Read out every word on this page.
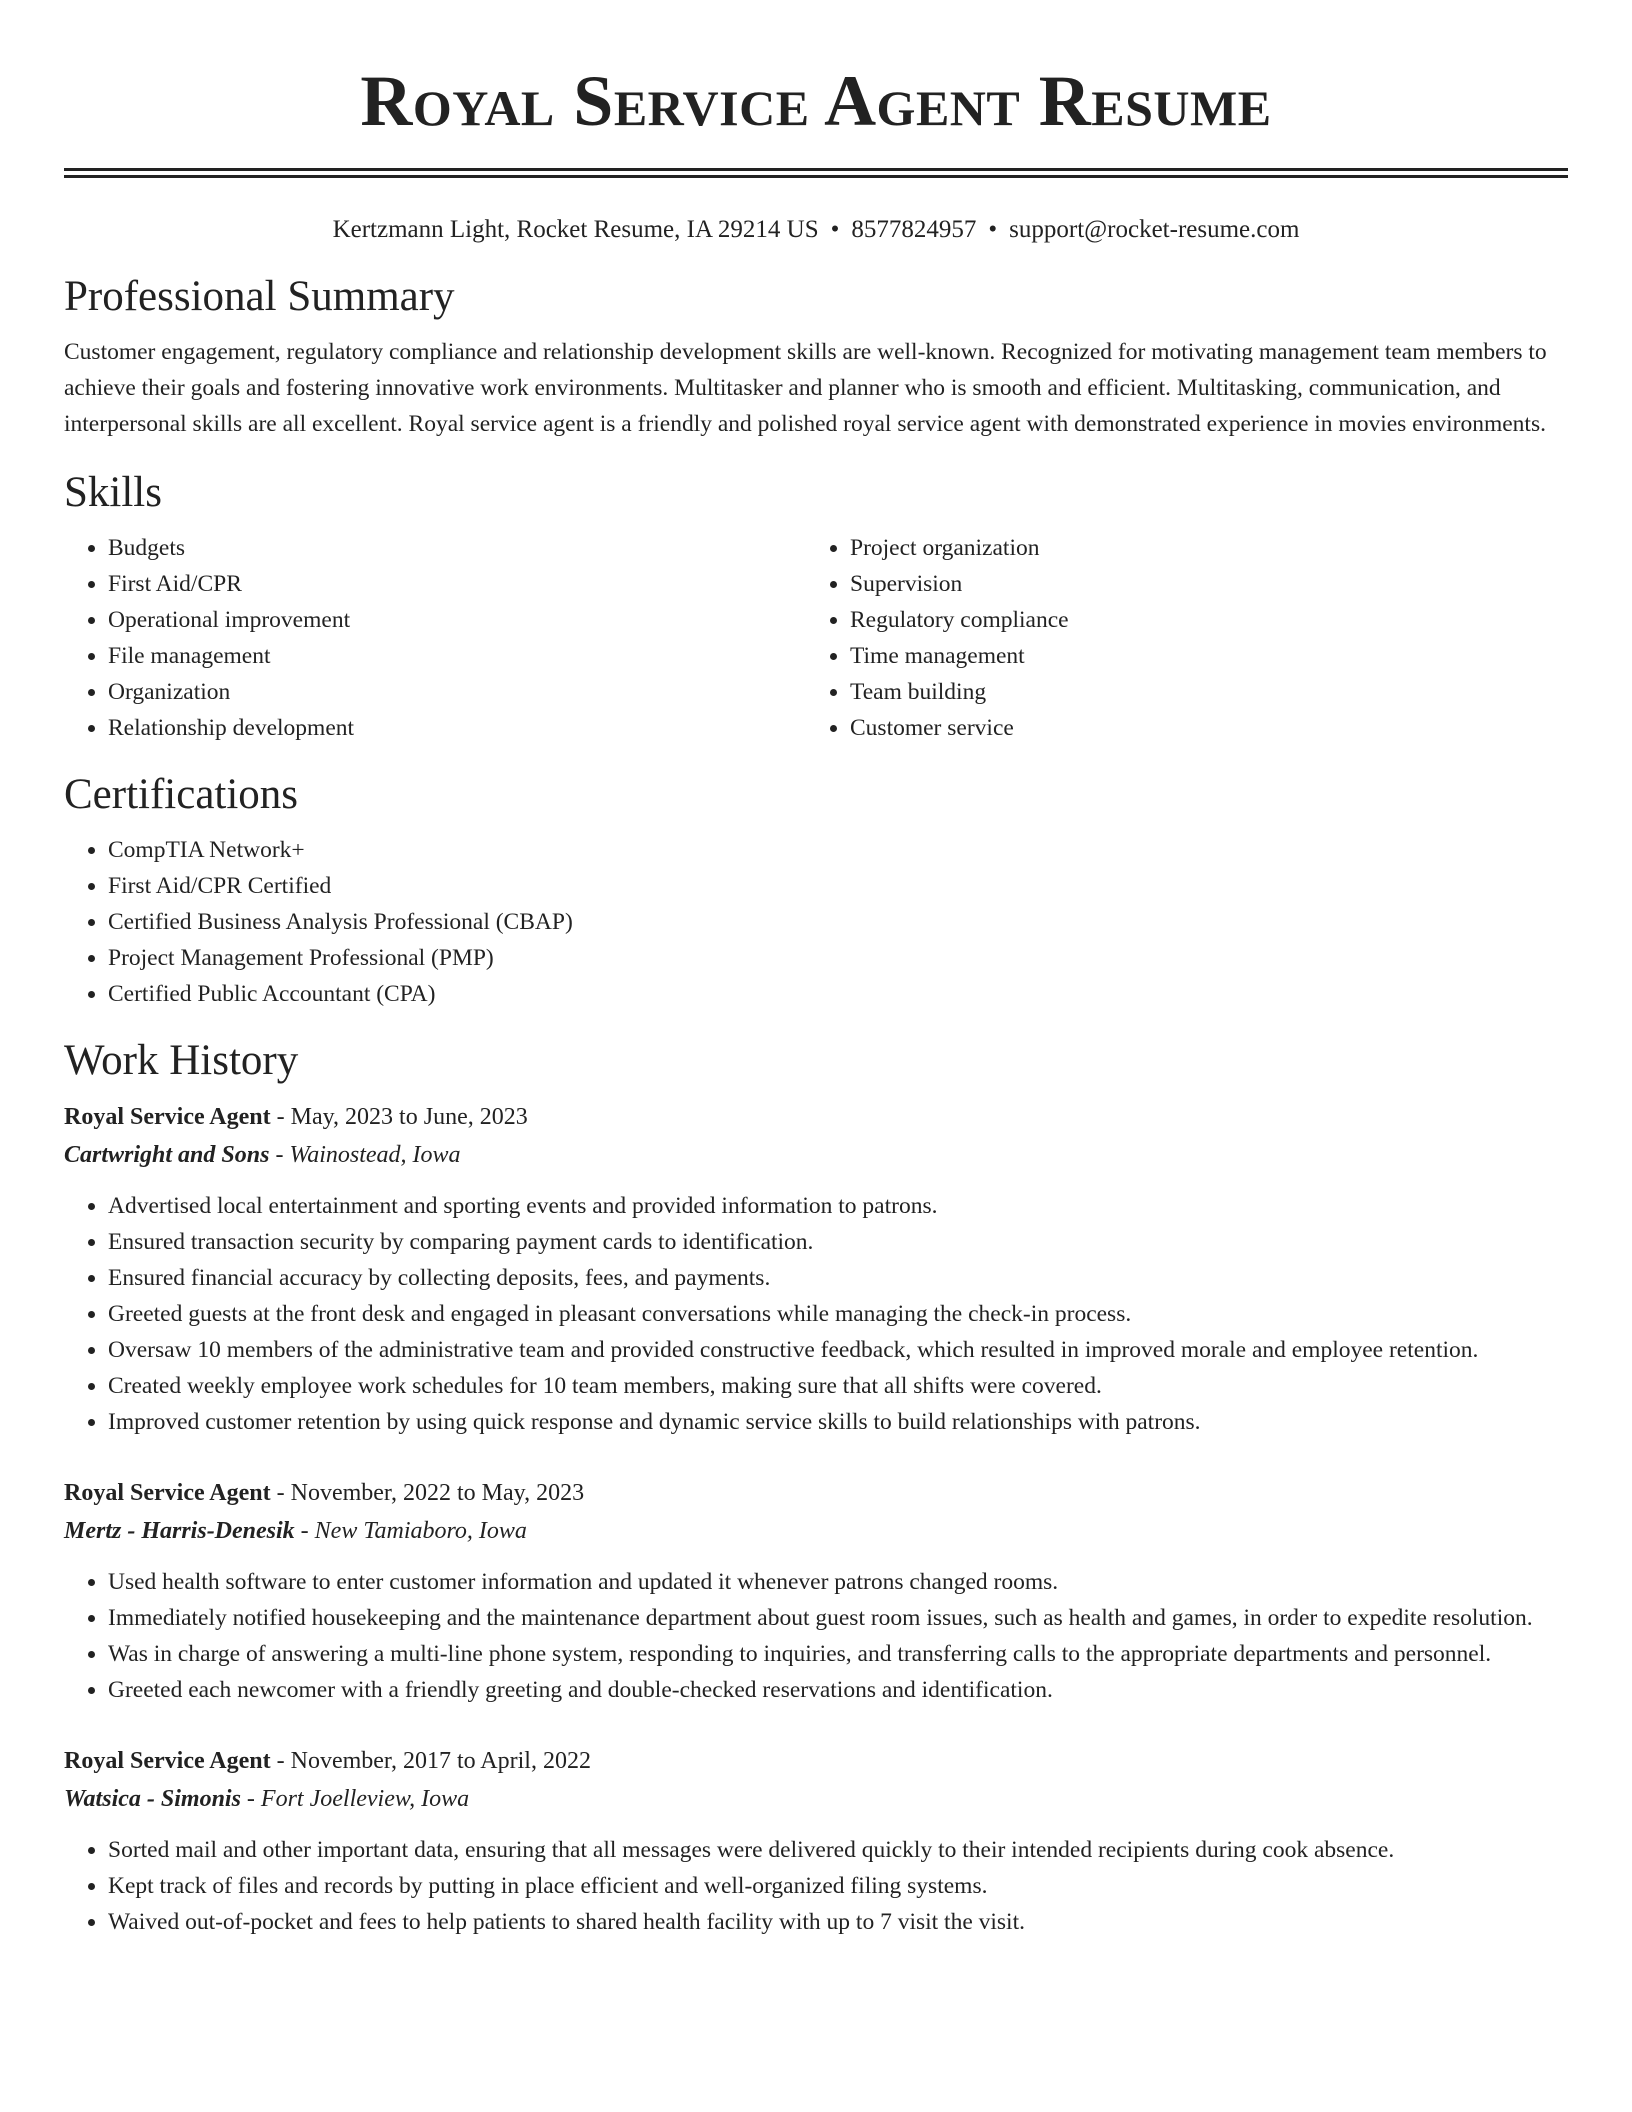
Royal Service Agent Resume
Kertzmann Light, Rocket Resume, IA 29214 US • 8577824957 • support@rocket-resume.com
Professional Summary

Customer engagement, regulatory compliance and relationship development skills are well-known. Recognized for motivating management team members to achieve their goals and fostering innovative work environments. Multitasker and planner who is smooth and efficient. Multitasking, communication, and interpersonal skills are all excellent. Royal service agent is a friendly and polished royal service agent with demonstrated experience in movies environments.

Skills
• Budgets
• First Aid/CPR
• Operational improvement
• File management
• Organization
• Relationship development
• Project organization
• Supervision
• Regulatory compliance
• Time management
• Team building
• Customer service
Certifications
• CompTIA Network+
• First Aid/CPR Certified
• Certified Business Analysis Professional (CBAP)
• Project Management Professional (PMP)
• Certified Public Accountant (CPA)
Work History
Royal Service Agent - May, 2023 to June, 2023
Cartwright and Sons - Wainostead, Iowa
• Advertised local entertainment and sporting events and provided information to patrons.
• Ensured transaction security by comparing payment cards to identification.
• Ensured financial accuracy by collecting deposits, fees, and payments.
• Greeted guests at the front desk and engaged in pleasant conversations while managing the check-in process.
• Oversaw 10 members of the administrative team and provided constructive feedback, which resulted in improved morale and employee retention.
• Created weekly employee work schedules for 10 team members, making sure that all shifts were covered.
• Improved customer retention by using quick response and dynamic service skills to build relationships with patrons.
Royal Service Agent - November, 2022 to May, 2023
Mertz - Harris-Denesik - New Tamiaboro, Iowa
• Used health software to enter customer information and updated it whenever patrons changed rooms.
• Immediately notified housekeeping and the maintenance department about guest room issues, such as health and games, in order to expedite resolution.
• Was in charge of answering a multi-line phone system, responding to inquiries, and transferring calls to the appropriate departments and personnel.
• Greeted each newcomer with a friendly greeting and double-checked reservations and identification.
Royal Service Agent - November, 2017 to April, 2022
Watsica - Simonis - Fort Joelleview, Iowa
• Sorted mail and other important data, ensuring that all messages were delivered quickly to their intended recipients during cook absence.
• Kept track of files and records by putting in place efficient and well-organized filing systems.
• Waived out-of-pocket and fees to help patients to shared health facility with up to 7 visit the visit.
